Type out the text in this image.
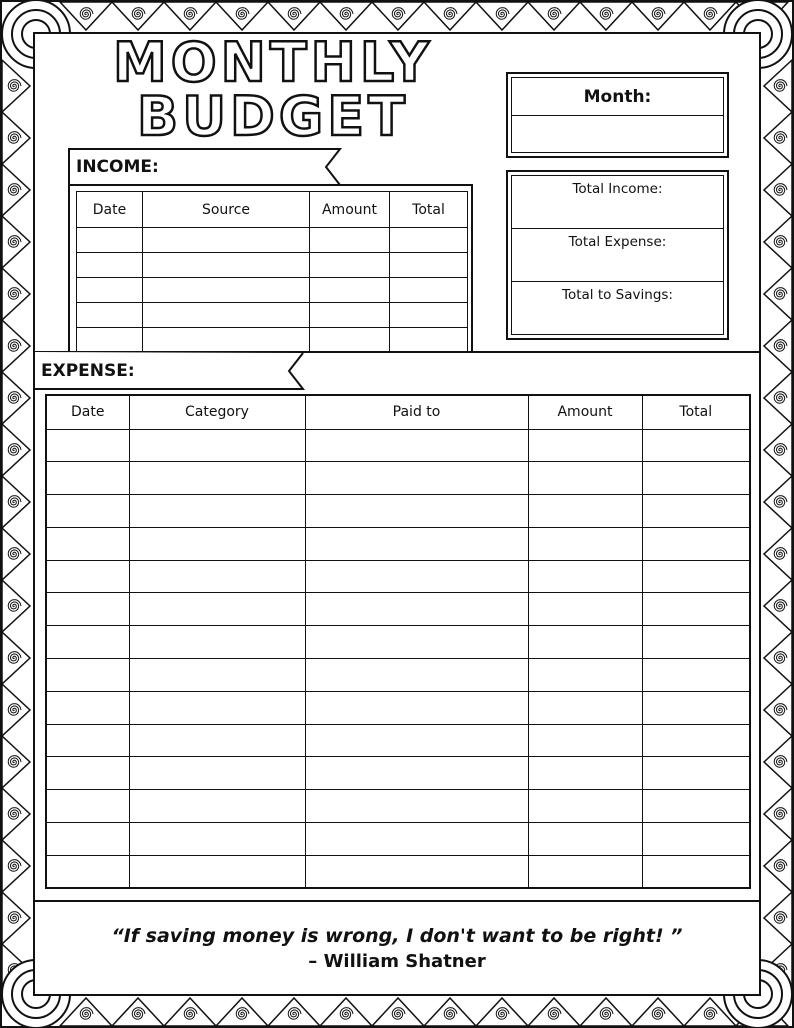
MONTHLY
BUDGET	Month:
Total Income:
Total Expense:
Total to Savings:
INCOME:
Date	Source	Amount	Total

EXPENSE:
Date	Category	Paid to	Amount	Total

“If saving money is wrong, I don't want to be right! ”
– William Shatner
